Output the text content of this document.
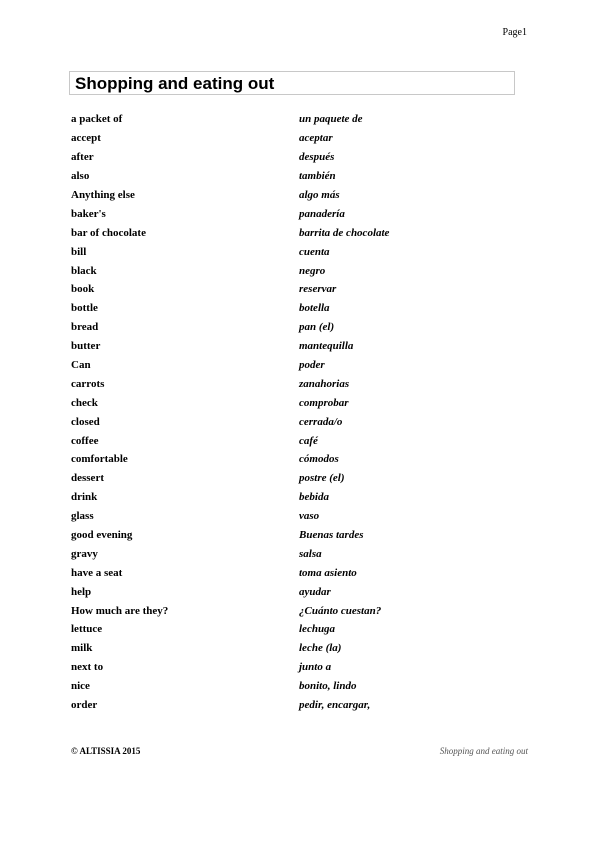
Page1
Shopping and eating out
a packet of	un paquete de
accept	aceptar
after	después
also	también
Anything else	algo más
baker's	panadería
bar of chocolate	barrita de chocolate
bill	cuenta
black	negro
book	reservar
bottle	botella
bread	pan (el)
butter	mantequilla
Can	poder
carrots	zanahorias
check	comprobar
closed	cerrada/o
coffee	café
comfortable	cómodos
dessert	postre (el)
drink	bebida
glass	vaso
good evening	Buenas tardes
gravy	salsa
have a seat	toma asiento
help	ayudar
How much are they?	¿Cuánto cuestan?
lettuce	lechuga
milk	leche (la)
next to	junto a
nice	bonito, lindo
order	pedir, encargar,
© ALTISSIA 2015	Shopping and eating out
